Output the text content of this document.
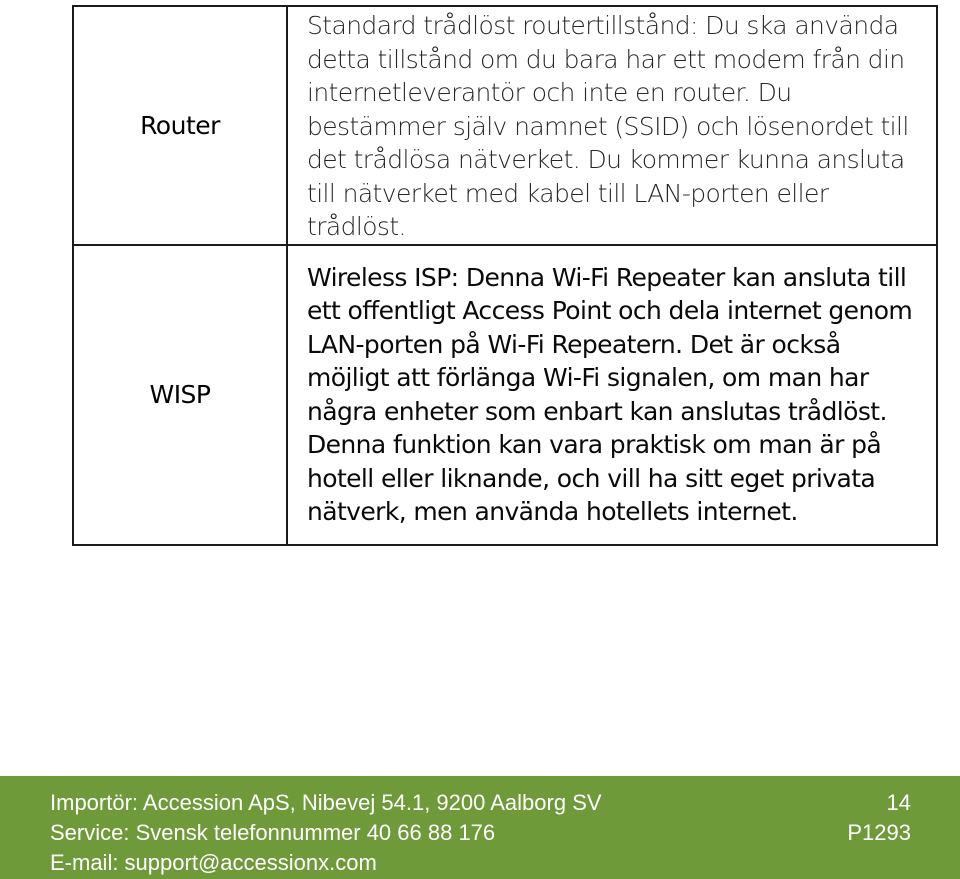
Router	Standard trådlöst routertillstånd: Du ska använda detta tillstånd om du bara har ett modem från din internetleverantör och inte en router. Du bestämmer själv namnet (SSID) och lösenordet till det trådlösa nätverket. Du kommer kunna ansluta till nätverket med kabel till LAN-porten eller trådlöst.
WISP	Wireless ISP: Denna Wi-Fi Repeater kan ansluta till ett offentligt Access Point och dela internet genom LAN-porten på Wi-Fi Repeatern. Det är också möjligt att förlänga Wi-Fi signalen, om man har några enheter som enbart kan anslutas trådlöst. Denna funktion kan vara praktisk om man är på hotell eller liknande, och vill ha sitt eget privata nätverk, men använda hotellets internet.
Importör: Accession ApS, Nibevej 54.1, 9200 Aalborg SV
Service: Svensk telefonnummer 40 66 88 176
E-mail: support@accessionx.com
14
P1293
